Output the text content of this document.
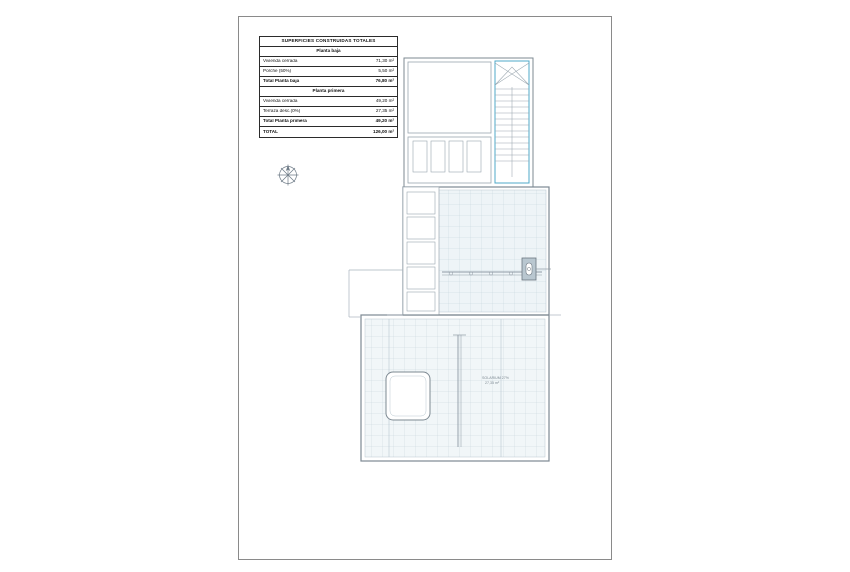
SUPERFICIES CONSTRUIDAS TOTALES
Planta baja
Vivienda cerrada	71,30 m²
Porche (50%)	5,50 m²
Total Planta baja	76,80 m²
Planta primera
Vivienda cerrada	49,20 m²
Terraza desc.(0%)	27,35 m²
Total Planta primera	49,20 m²
TOTAL	126,00 m²
SOLARIUM 27%
27,35 m²
